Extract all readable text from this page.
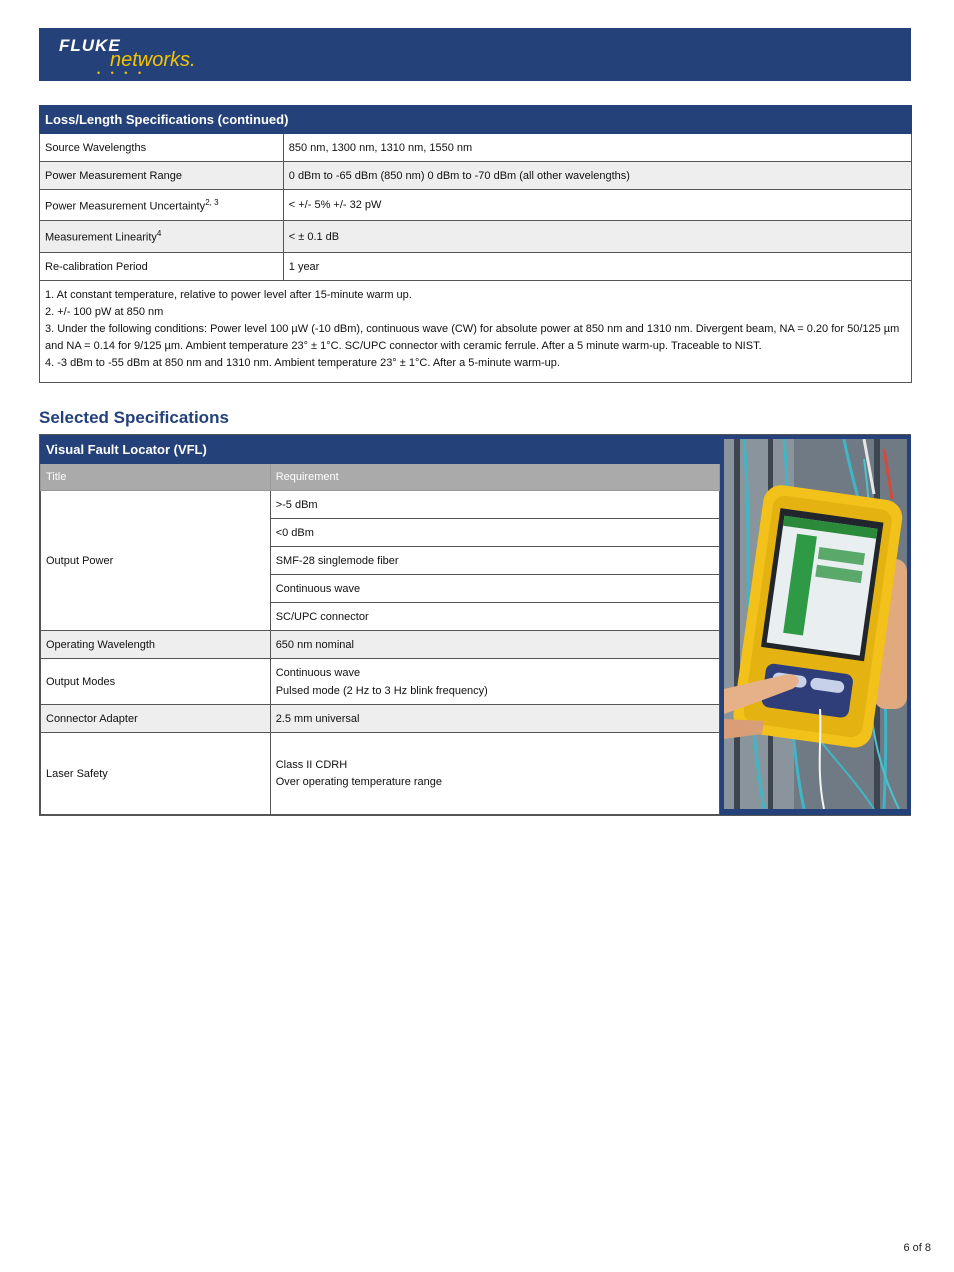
FLUKE
networks.
• • • •
Loss/Length Specifications (continued)	
Source Wavelengths	850 nm, 1300 nm, 1310 nm, 1550 nm
Power Measurement Range	0 dBm to -65 dBm (850 nm) 0 dBm to -70 dBm (all other wavelengths)
Power Measurement Uncertainty$^{2, 3}$	< +/- 5% +/- 32 pW
Measurement Linearity$^4$	< ± 0.1 dB
Re-calibration Period	1 year

1. At constant temperature, relative to power level after 15-minute warm up.
2. +/- 100 pW at 850 nm
3. Under the following conditions: Power level 100 µW (-10 dBm), continuous wave (CW) for absolute power at 850 nm and 1310 nm. Divergent beam, NA = 0.20 for 50/125 µm and NA = 0.14 for 9/125 µm. Ambient temperature 23° ± 1°C. SC/UPC connector with ceramic ferrule. After a 5 minute warm-up. Traceable to NIST.
4. -3 dBm to -55 dBm at 850 nm and 1310 nm. Ambient temperature 23° ± 1°C. After a 5-minute warm-up.	
Selected Specifications
Visual Fault Locator (VFL)	
Title	Requirement
Output Power	>-5 dBm
	<0 dBm
	SMF-28 singlemode fiber
	Continuous wave
	SC/UPC connector
Operating Wavelength	650 nm nominal
Output Modes	Continuous wave
Pulsed mode (2 Hz to 3 Hz blink frequency)

Connector Adapter	2.5 mm universal
Laser Safety	Class II CDRH
Over operating temperature range
6 of 8
